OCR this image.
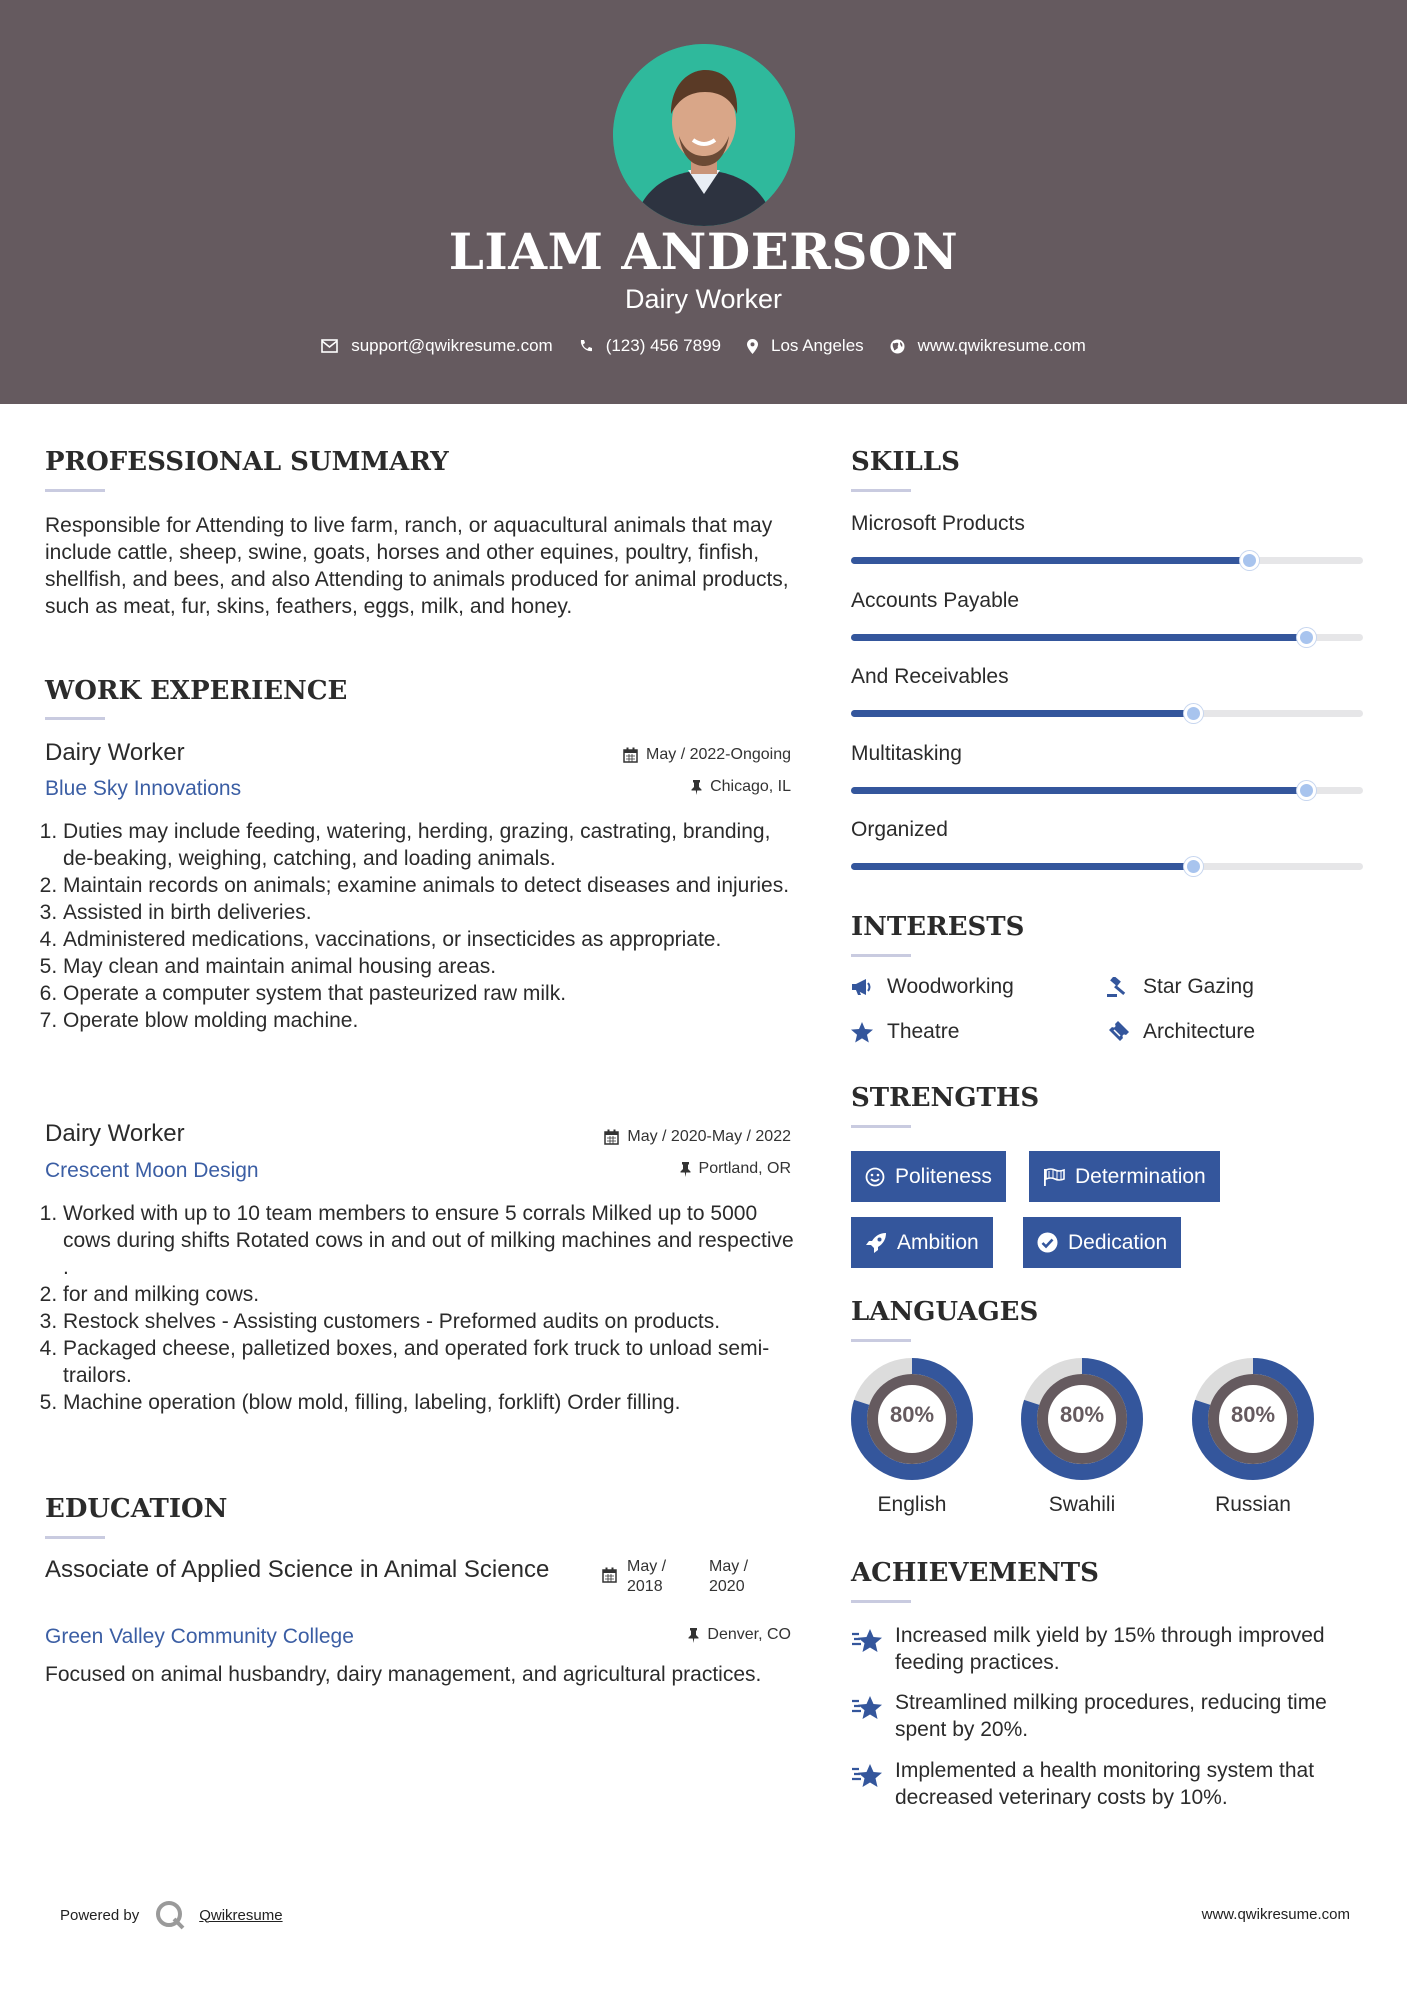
LIAM ANDERSON
Dairy Worker
support@qwikresume.com	(123) 456 7899	Los Angeles	www.qwikresume.com
PROFESSIONAL SUMMARY
Responsible for Attending to live farm, ranch, or aquacultural animals that may include cattle, sheep, swine, goats, horses and other equines, poultry, finfish, shellfish, and bees, and also Attending to animals produced for animal products, such as meat, fur, skins, feathers, eggs, milk, and honey.
WORK EXPERIENCE
Dairy Worker
Blue Sky Innovations
May / 2022-Ongoing
Chicago, IL
1. Duties may include feeding, watering, herding, grazing, castrating, branding, de-beaking, weighing, catching, and loading animals.
2. Maintain records on animals; examine animals to detect diseases and injuries.
3. Assisted in birth deliveries.
4. Administered medications, vaccinations, or insecticides as appropriate.
5. May clean and maintain animal housing areas.
6. Operate a computer system that pasteurized raw milk.
7. Operate blow molding machine.
Dairy Worker
Crescent Moon Design
May / 2020-May / 2022
Portland, OR
1. Worked with up to 10 team members to ensure 5 corrals Milked up to 5000 cows during shifts Rotated cows in and out of milking machines and respective .
2. for and milking cows.
3. Restock shelves - Assisting customers - Preformed audits on products.
4. Packaged cheese, palletized boxes, and operated fork truck to unload semi- trailors.
5. Machine operation (blow mold, filling, labeling, forklift) Order filling.
EDUCATION
Associate of Applied Science in Animal Science	May /
2018
May /
2020
Green Valley Community College	Denver, CO
Focused on animal husbandry, dairy management, and agricultural practices.
SKILLS
Microsoft Products
Accounts Payable
And Receivables
Multitasking
Organized
INTERESTS
Woodworking	Star Gazing
Theatre	Architecture
STRENGTHS
Politeness	Determination
Ambition	Dedication
LANGUAGES
80%
English
80%
Swahili
80%
Russian
ACHIEVEMENTS
Increased milk yield by 15% through improved feeding practices.
Streamlined milking procedures, reducing time spent by 20%.
Implemented a health monitoring system that decreased veterinary costs by 10%.
Powered by	Qwikresume	www.qwikresume.com
